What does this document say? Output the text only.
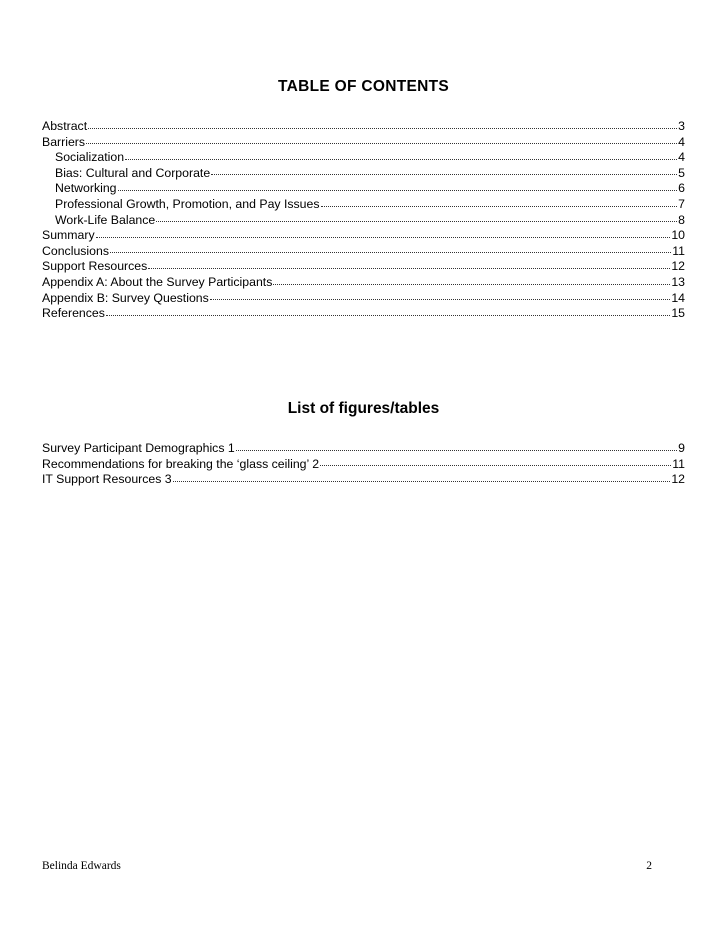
TABLE OF CONTENTS
Abstract	3
Barriers	4
Socialization	4
Bias: Cultural and Corporate	5
Networking	6
Professional Growth, Promotion, and Pay Issues	7
Work-Life Balance	8
Summary	10
Conclusions	11
Support Resources	12
Appendix A: About the Survey Participants	13
Appendix B: Survey Questions	14
References	15
List of figures/tables
Survey Participant Demographics 1	9
Recommendations for breaking the ‘glass ceiling’ 2	11
IT Support Resources 3	12
Belinda Edwards	2
